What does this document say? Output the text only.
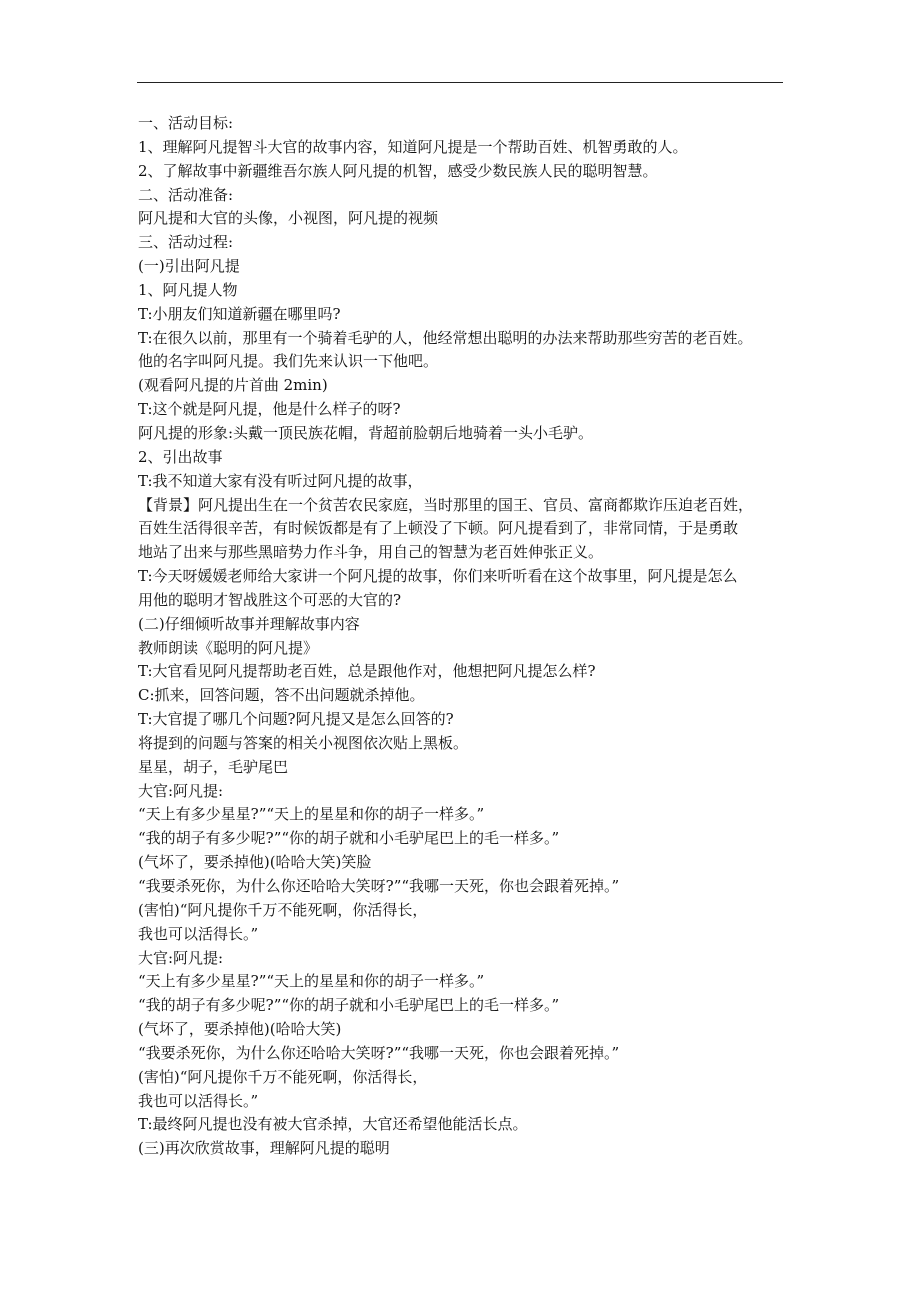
一、活动目标:
1、理解阿凡提智斗大官的故事内容，知道阿凡提是一个帮助百姓、机智勇敢的人。
2、了解故事中新疆维吾尔族人阿凡提的机智，感受少数民族人民的聪明智慧。
二、活动准备:
阿凡提和大官的头像，小视图，阿凡提的视频
三、活动过程:
(一)引出阿凡提
1、阿凡提人物
T:小朋友们知道新疆在哪里吗?
T:在很久以前，那里有一个骑着毛驴的人，他经常想出聪明的办法来帮助那些穷苦的老百姓。
他的名字叫阿凡提。我们先来认识一下他吧。
(观看阿凡提的片首曲 2min)
T:这个就是阿凡提，他是什么样子的呀?
阿凡提的形象:头戴一顶民族花帽，背超前脸朝后地骑着一头小毛驴。
2、引出故事
T:我不知道大家有没有听过阿凡提的故事，
【背景】阿凡提出生在一个贫苦农民家庭，当时那里的国王、官员、富商都欺诈压迫老百姓，
百姓生活得很辛苦，有时候饭都是有了上顿没了下顿。阿凡提看到了，非常同情，于是勇敢
地站了出来与那些黑暗势力作斗争，用自己的智慧为老百姓伸张正义。
T:今天呀媛媛老师给大家讲一个阿凡提的故事，你们来听听看在这个故事里，阿凡提是怎么
用他的聪明才智战胜这个可恶的大官的?
(二)仔细倾听故事并理解故事内容
教师朗读《聪明的阿凡提》
T:大官看见阿凡提帮助老百姓，总是跟他作对，他想把阿凡提怎么样?
C:抓来，回答问题，答不出问题就杀掉他。
T:大官提了哪几个问题?阿凡提又是怎么回答的?
将提到的问题与答案的相关小视图依次贴上黑板。
星星，胡子，毛驴尾巴
大官:阿凡提:
“天上有多少星星?”“天上的星星和你的胡子一样多。”
“我的胡子有多少呢?”“你的胡子就和小毛驴尾巴上的毛一样多。”
(气坏了，要杀掉他)(哈哈大笑)笑脸
“我要杀死你，为什么你还哈哈大笑呀?”“我哪一天死，你也会跟着死掉。”
(害怕)“阿凡提你千万不能死啊，你活得长，
我也可以活得长。”
大官:阿凡提:
“天上有多少星星?”“天上的星星和你的胡子一样多。”
“我的胡子有多少呢?”“你的胡子就和小毛驴尾巴上的毛一样多。”
(气坏了，要杀掉他)(哈哈大笑)
“我要杀死你，为什么你还哈哈大笑呀?”“我哪一天死，你也会跟着死掉。”
(害怕)“阿凡提你千万不能死啊，你活得长，
我也可以活得长。”
T:最终阿凡提也没有被大官杀掉，大官还希望他能活长点。
(三)再次欣赏故事，理解阿凡提的聪明
